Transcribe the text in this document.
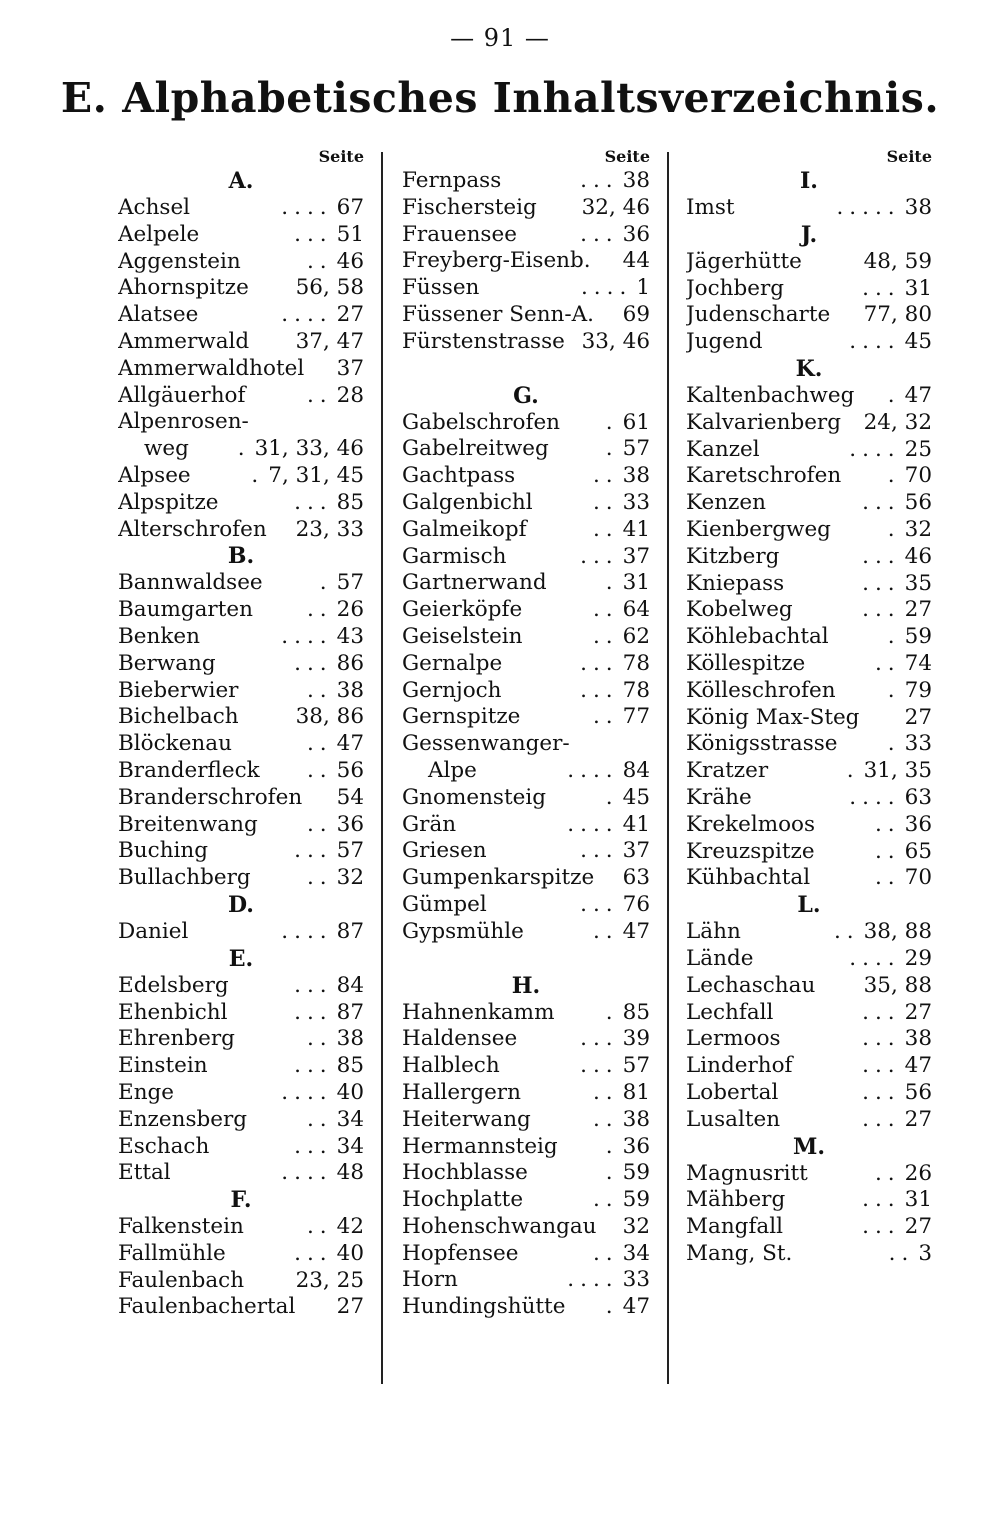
— 91 —
E. Alphabetisches Inhaltsverzeichnis.
Seite
A.
Achsel	.... 67
Aelpele	... 51
Aggenstein	.. 46
Ahornspitze 56, 58
Alatsee	.... 27
Ammerwald 37, 47
Ammerwaldhotel 37
Allgäuerhof	.. 28
Alpenrosen-
weg	. 31, 33, 46
Alpsee	. 7, 31, 45
Alpspitze	... 85
Alterschrofen 23, 33
B.
Bannwaldsee	. 57
Baumgarten	.. 26
Benken	.... 43
Berwang	... 86
Bieberwier	.. 38
Bichelbach	38, 86
Blöckenau	.. 47
Branderfleck	.. 56
Branderschrofen 54
Breitenwang	.. 36
Buching	... 57
Bullachberg	.. 32
D.
Daniel	.... 87
E.
Edelsberg	... 84
Ehenbichl	... 87
Ehrenberg	.. 38
Einstein	... 85
Enge	.... 40
Enzensberg	.. 34
Eschach	... 34
Ettal	.... 48
F.
Falkenstein	.. 42
Fallmühle	... 40
Faulenbach 23, 25
Faulenbachertal 27
Seite
Fernpass	... 38
Fischersteig 32, 46
Frauensee	... 36
Freyberg-Eisenb. 44
Füssen	.... 1
Füssener Senn-A. 69
Fürstenstrasse 33, 46
G.
Gabelschrofen	. 61
Gabelreitweg	. 57
Gachtpass	.. 38
Galgenbichl	.. 33
Galmeikopf	.. 41
Garmisch	... 37
Gartnerwand	. 31
Geierköpfe	.. 64
Geiselstein	.. 62
Gernalpe	... 78
Gernjoch	... 78
Gernspitze	.. 77
Gessenwanger-
Alpe	.... 84
Gnomensteig	. 45
Grän	.... 41
Griesen	... 37
Gumpenkarspitze 63
Gümpel	... 76
Gypsmühle	.. 47
H.
Hahnenkamm	. 85
Haldensee	... 39
Halblech	... 57
Hallergern	.. 81
Heiterwang	.. 38
Hermannsteig	. 36
Hochblasse	. 59
Hochplatte	.. 59
Hohenschwangau 32
Hopfensee	.. 34
Horn	.... 33
Hundingshütte	. 47
Seite
I.
Imst	..... 38
J.
Jägerhütte	48, 59
Jochberg	... 31
Judenscharte 77, 80
Jugend	.... 45
K.
Kaltenbachweg	. 47
Kalvarienberg 24, 32
Kanzel	.... 25
Karetschrofen	. 70
Kenzen	... 56
Kienbergweg	. 32
Kitzberg	... 46
Kniepass	... 35
Kobelweg	... 27
Köhlebachtal	. 59
Köllespitze	.. 74
Kölleschrofen	. 79
König Max-Steg 27
Königsstrasse	. 33
Kratzer	. 31, 35
Krähe	.... 63
Krekelmoos	.. 36
Kreuzspitze	.. 65
Kühbachtal	.. 70
L.
Lähn	.. 38, 88
Lände	.... 29
Lechaschau 35, 88
Lechfall	... 27
Lermoos	... 38
Linderhof	... 47
Lobertal	... 56
Lusalten	... 27
M.
Magnusritt	.. 26
Mähberg	... 31
Mangfall	... 27
Mang, St.	.. 3
